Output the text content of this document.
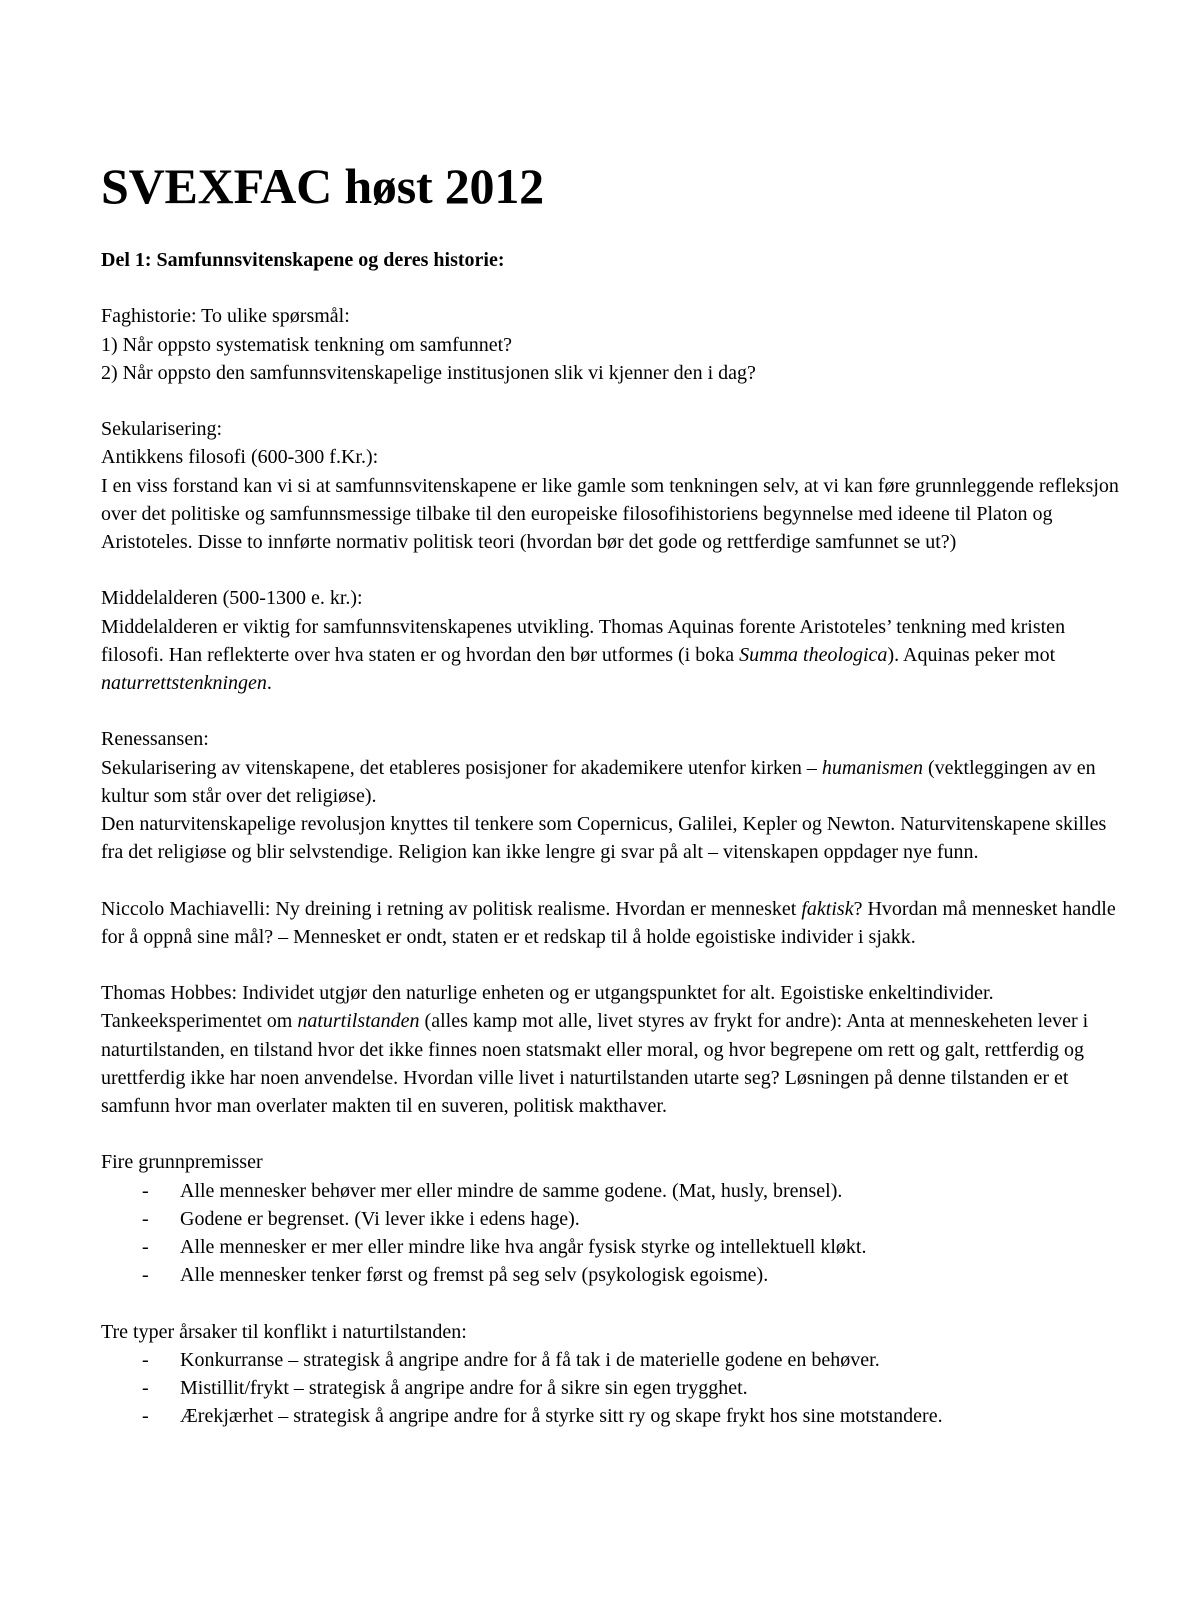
SVEXFAC høst 2012

Del 1: Samfunnsvitenskapene og deres historie:

Faghistorie: To ulike spørsmål:

1) Når oppsto systematisk tenkning om samfunnet?

2) Når oppsto den samfunnsvitenskapelige institusjonen slik vi kjenner den i dag?

Sekularisering:

Antikkens filosofi (600-300 f.Kr.):

I en viss forstand kan vi si at samfunnsvitenskapene er like gamle som tenkningen selv, at vi kan føre grunnleggende refleksjon over det politiske og samfunnsmessige tilbake til den europeiske filosofihistoriens begynnelse med ideene til Platon og Aristoteles. Disse to innførte normativ politisk teori (hvordan bør det gode og rettferdige samfunnet se ut?)

Middelalderen (500-1300 e. kr.):

Middelalderen er viktig for samfunnsvitenskapenes utvikling. Thomas Aquinas forente Aristoteles’ tenkning med kristen filosofi. Han reflekterte over hva staten er og hvordan den bør utformes (i boka Summa theologica). Aquinas peker mot naturrettstenkningen.

Renessansen:

Sekularisering av vitenskapene, det etableres posisjoner for akademikere utenfor kirken – humanismen (vektleggingen av en kultur som står over det religiøse).

Den naturvitenskapelige revolusjon knyttes til tenkere som Copernicus, Galilei, Kepler og Newton. Naturvitenskapene skilles fra det religiøse og blir selvstendige. Religion kan ikke lengre gi svar på alt – vitenskapen oppdager nye funn.

Niccolo Machiavelli: Ny dreining i retning av politisk realisme. Hvordan er mennesket faktisk? Hvordan må mennesket handle for å oppnå sine mål? – Mennesket er ondt, staten er et redskap til å holde egoistiske individer i sjakk.

Thomas Hobbes: Individet utgjør den naturlige enheten og er utgangspunktet for alt. Egoistiske enkeltindivider. Tankeeksperimentet om naturtilstanden (alles kamp mot alle, livet styres av frykt for andre): Anta at menneskeheten lever i naturtilstanden, en tilstand hvor det ikke finnes noen statsmakt eller moral, og hvor begrepene om rett og galt, rettferdig og urettferdig ikke har noen anvendelse. Hvordan ville livet i naturtilstanden utarte seg? Løsningen på denne tilstanden er et samfunn hvor man overlater makten til en suveren, politisk makthaver.

Fire grunnpremisser

- Alle mennesker behøver mer eller mindre de samme godene. (Mat, husly, brensel).
- Godene er begrenset. (Vi lever ikke i edens hage).
- Alle mennesker er mer eller mindre like hva angår fysisk styrke og intellektuell kløkt.
- Alle mennesker tenker først og fremst på seg selv (psykologisk egoisme).

Tre typer årsaker til konflikt i naturtilstanden:

- Konkurranse – strategisk å angripe andre for å få tak i de materielle godene en behøver.
- Mistillit/frykt – strategisk å angripe andre for å sikre sin egen trygghet.
- Ærekjærhet – strategisk å angripe andre for å styrke sitt ry og skape frykt hos sine motstandere.
